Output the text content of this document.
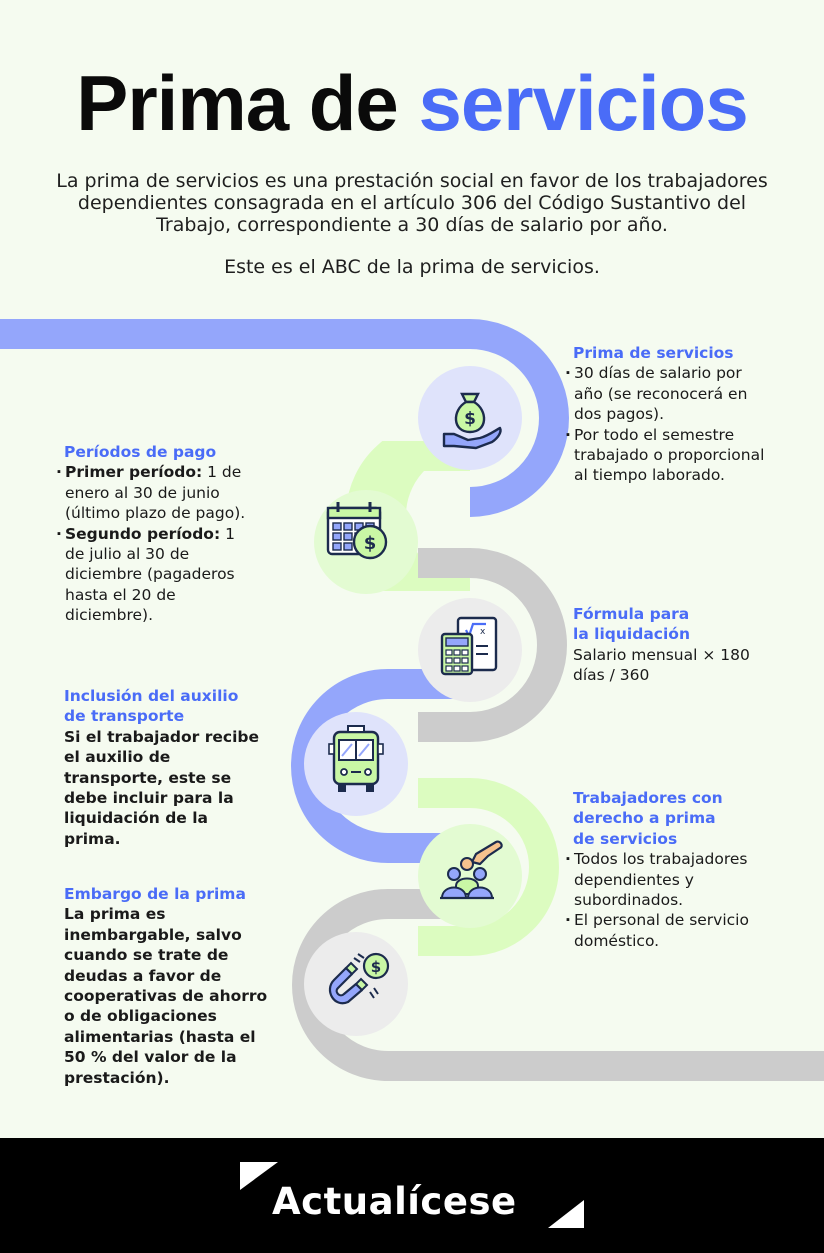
Prima de servicios

La prima de servicios es una prestación social en favor de los trabajadores dependientes consagrada en el artículo 306 del Código Sustantivo del Trabajo, correspondiente a 30 días de salario por año.

Este es el ABC de la prima de servicios.

$
$
x
$
Prima de servicios
· 30 días de salario por año (se reconocerá en dos pagos).
· Por todo el semestre trabajado o proporcional al tiempo laborado.
Períodos de pago
· Primer período: 1 de enero al 30 de junio (último plazo de pago).
· Segundo período: 1 de julio al 30 de diciembre (pagaderos hasta el 20 de diciembre).	Fórmula para
la liquidación

Salario mensual × 180 días / 360

Inclusión del auxilio
de transporte

Si el trabajador recibe el auxilio de transporte, este se debe incluir para la liquidación de la prima.

Trabajadores con
derecho a prima
de servicios
· Todos los trabajadores dependientes y subordinados.
· El personal de servicio doméstico.
Embargo de la prima

La prima es inembargable, salvo cuando se trate de deudas a favor de cooperativas de ahorro o de obligaciones alimentarias (hasta el 50 % del valor de la prestación).

Actualícese
